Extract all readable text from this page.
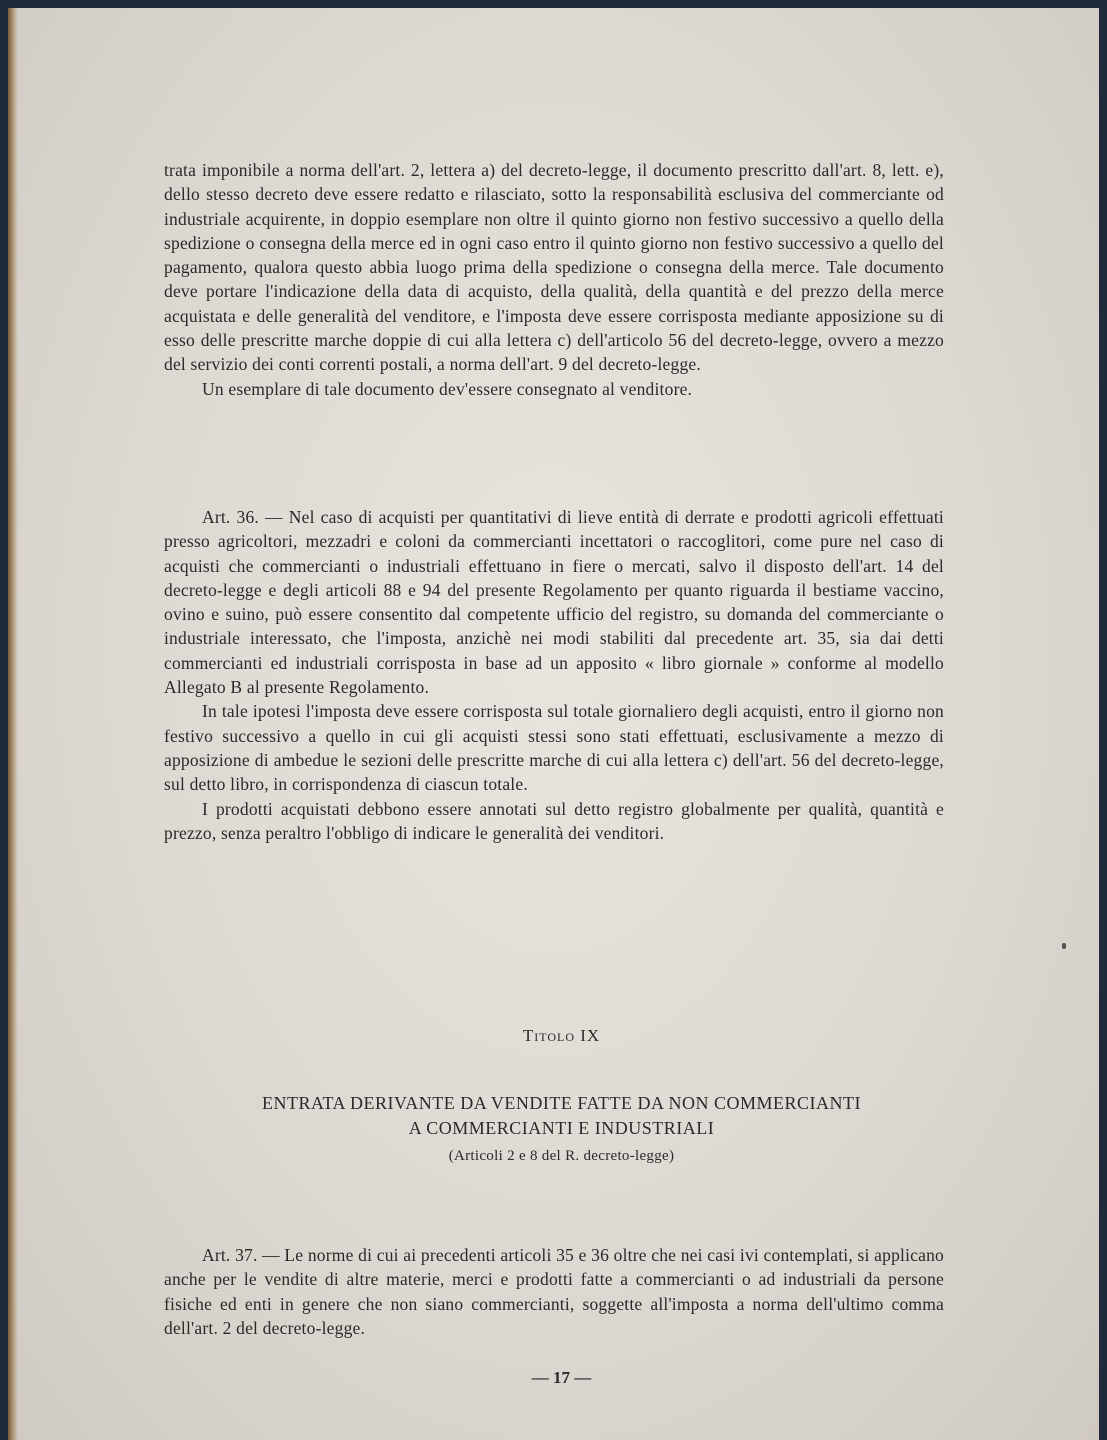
trata imponibile a norma dell'art. 2, lettera a) del decreto-legge, il documento prescritto dall'art. 8, lett. e), dello stesso decreto deve essere redatto e rilasciato, sotto la responsabilità esclusiva del commerciante od industriale acquirente, in doppio esemplare non oltre il quinto giorno non festivo successivo a quello della spedizione o consegna della merce ed in ogni caso entro il quinto giorno non festivo successivo a quello del pagamento, qualora questo abbia luogo prima della spedizione o consegna della merce. Tale documento deve portare l'indicazione della data di acquisto, della qualità, della quantità e del prezzo della merce acquistata e delle generalità del venditore, e l'imposta deve essere corrisposta mediante apposizione su di esso delle prescritte marche doppie di cui alla lettera c) dell'articolo 56 del decreto-legge, ovvero a mezzo del servizio dei conti correnti postali, a norma dell'art. 9 del decreto-legge.

Un esemplare di tale documento dev'essere consegnato al venditore.

Art. 36. — Nel caso di acquisti per quantitativi di lieve entità di derrate e prodotti agricoli effettuati presso agricoltori, mezzadri e coloni da commercianti incettatori o raccoglitori, come pure nel caso di acquisti che commercianti o industriali effettuano in fiere o mercati, salvo il disposto dell'art. 14 del decreto-legge e degli articoli 88 e 94 del presente Regolamento per quanto riguarda il bestiame vaccino, ovino e suino, può essere consentito dal competente ufficio del registro, su domanda del commerciante o industriale interessato, che l'imposta, anzichè nei modi stabiliti dal precedente art. 35, sia dai detti commercianti ed industriali corrisposta in base ad un apposito « libro giornale » conforme al modello Allegato B al presente Regolamento.

In tale ipotesi l'imposta deve essere corrisposta sul totale giornaliero degli acquisti, entro il giorno non festivo successivo a quello in cui gli acquisti stessi sono stati effettuati, esclusivamente a mezzo di apposizione di ambedue le sezioni delle prescritte marche di cui alla lettera c) dell'art. 56 del decreto-legge, sul detto libro, in corrispondenza di ciascun totale.

I prodotti acquistati debbono essere annotati sul detto registro globalmente per qualità, quantità e prezzo, senza peraltro l'obbligo di indicare le generalità dei venditori.

Titolo IX
ENTRATA DERIVANTE DA VENDITE FATTE DA NON COMMERCIANTI
A COMMERCIANTI E INDUSTRIALI
(Articoli 2 e 8 del R. decreto-legge)

Art. 37. — Le norme di cui ai precedenti articoli 35 e 36 oltre che nei casi ivi contemplati, si applicano anche per le vendite di altre materie, merci e prodotti fatte a commercianti o ad industriali da persone fisiche ed enti in genere che non siano commercianti, soggette all'imposta a norma dell'ultimo comma dell'art. 2 del decreto-legge.

— 17 —
